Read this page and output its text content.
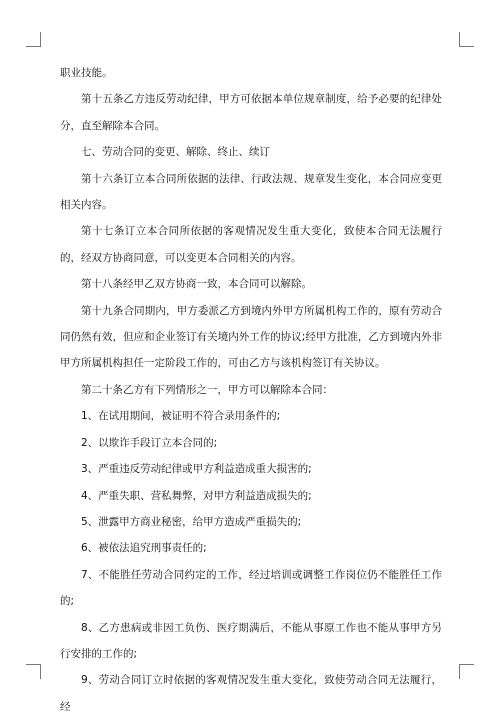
职业技能。

第十五条乙方违反劳动纪律，甲方可依据本单位规章制度，给予必要的纪律处分，直至解除本合同。

七、劳动合同的变更、解除、终止、续订

第十六条订立本合同所依据的法律、行政法规、规章发生变化，本合同应变更相关内容。

第十七条订立本合同所依据的客观情况发生重大变化，致使本合同无法履行的，经双方协商同意，可以变更本合同相关的内容。

第十八条经甲乙双方协商一致，本合同可以解除。

第十九条合同期内，甲方委派乙方到境内外甲方所属机构工作的，原有劳动合同仍然有效，但应和企业签订有关境内外工作的协议;经甲方批准，乙方到境内外非甲方所属机构担任一定阶段工作的，可由乙方与该机构签订有关协议。

第二十条乙方有下列情形之一，甲方可以解除本合同：

1、在试用期间，被证明不符合录用条件的;

2、以欺诈手段订立本合同的;

3、严重违反劳动纪律或甲方利益造成重大损害的;

4、严重失职、营私舞弊，对甲方利益造成损失的;

5、泄露甲方商业秘密，给甲方造成严重损失的;

6、被依法追究刑事责任的;

7、不能胜任劳动合同约定的工作，经过培训或调整工作岗位仍不能胜任工作的;

8、乙方患病或非因工负伤、医疗期满后，不能从事原工作也不能从事甲方另行安排的工作的;

9、劳动合同订立时依据的客观情况发生重大变化，致使劳动合同无法履行，经
